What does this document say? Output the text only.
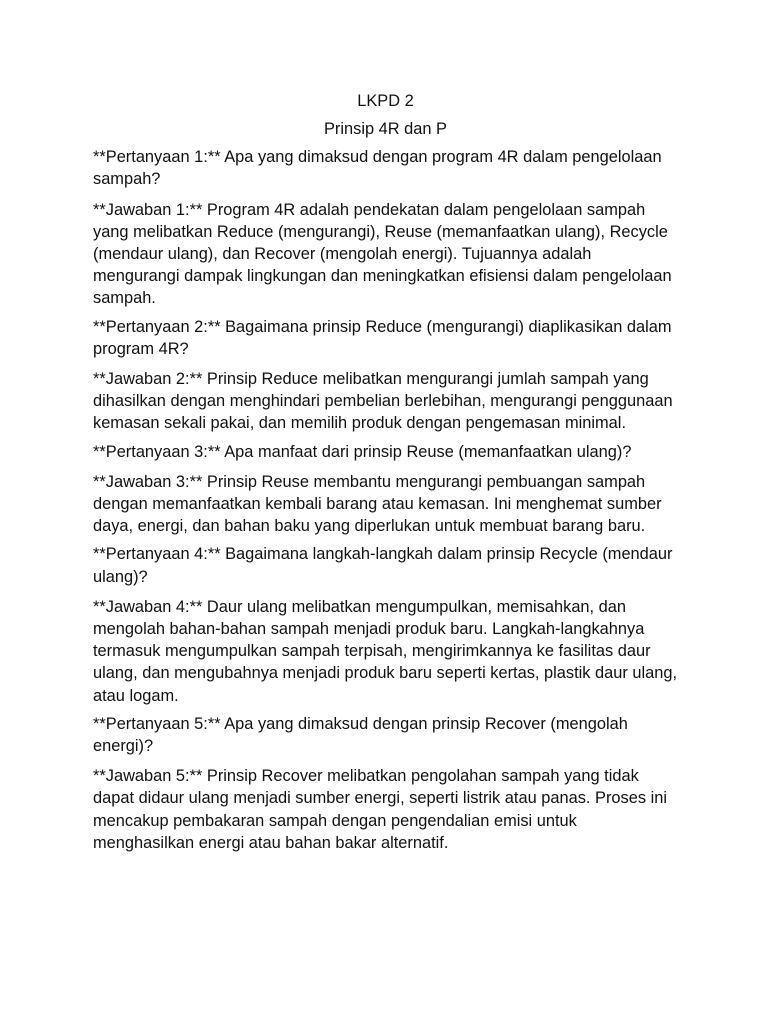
LKPD 2

Prinsip 4R dan P

**Pertanyaan 1:** Apa yang dimaksud dengan program 4R dalam pengelolaan sampah?

**Jawaban 1:** Program 4R adalah pendekatan dalam pengelolaan sampah yang melibatkan Reduce (mengurangi), Reuse (memanfaatkan ulang), Recycle (mendaur ulang), dan Recover (mengolah energi). Tujuannya adalah mengurangi dampak lingkungan dan meningkatkan efisiensi dalam pengelolaan sampah.

**Pertanyaan 2:** Bagaimana prinsip Reduce (mengurangi) diaplikasikan dalam program 4R?

**Jawaban 2:** Prinsip Reduce melibatkan mengurangi jumlah sampah yang dihasilkan dengan menghindari pembelian berlebihan, mengurangi penggunaan kemasan sekali pakai, dan memilih produk dengan pengemasan minimal.

**Pertanyaan 3:** Apa manfaat dari prinsip Reuse (memanfaatkan ulang)?

**Jawaban 3:** Prinsip Reuse membantu mengurangi pembuangan sampah dengan memanfaatkan kembali barang atau kemasan. Ini menghemat sumber daya, energi, dan bahan baku yang diperlukan untuk membuat barang baru.

**Pertanyaan 4:** Bagaimana langkah-langkah dalam prinsip Recycle (mendaur ulang)?

**Jawaban 4:** Daur ulang melibatkan mengumpulkan, memisahkan, dan mengolah bahan-bahan sampah menjadi produk baru. Langkah-langkahnya termasuk mengumpulkan sampah terpisah, mengirimkannya ke fasilitas daur ulang, dan mengubahnya menjadi produk baru seperti kertas, plastik daur ulang, atau logam.

**Pertanyaan 5:** Apa yang dimaksud dengan prinsip Recover (mengolah energi)?

**Jawaban 5:** Prinsip Recover melibatkan pengolahan sampah yang tidak dapat didaur ulang menjadi sumber energi, seperti listrik atau panas. Proses ini mencakup pembakaran sampah dengan pengendalian emisi untuk menghasilkan energi atau bahan bakar alternatif.
